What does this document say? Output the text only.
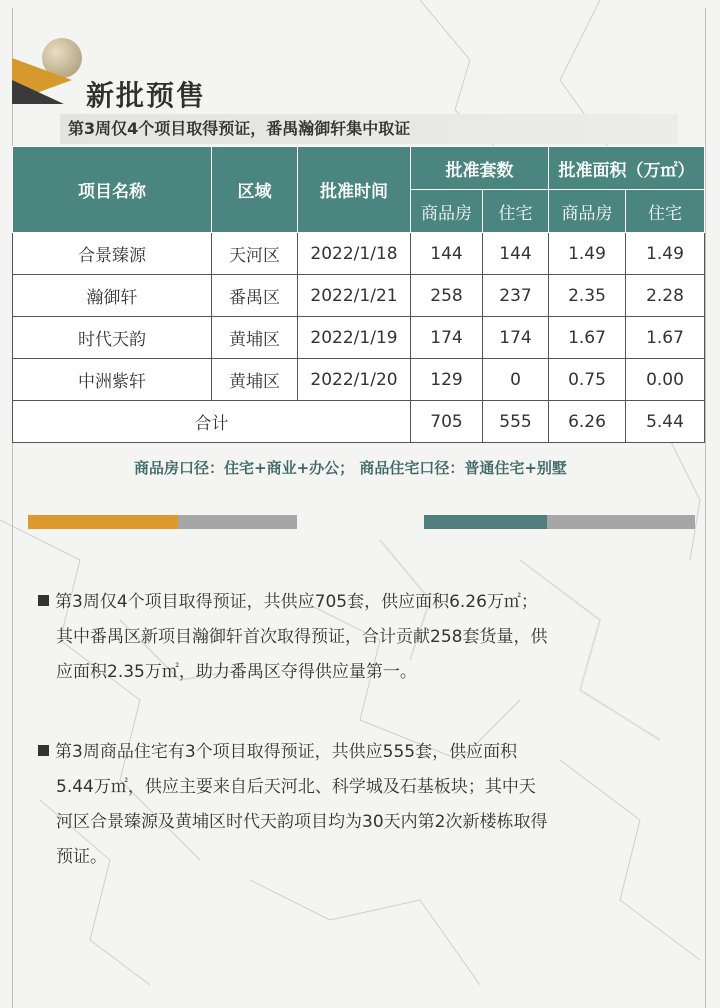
新批预售
第3周仅4个项目取得预证，番禺瀚御轩集中取证
项目名称	区域	批准时间	批准套数		批准面积（万㎡）	
			商品房	住宅	商品房	住宅
合景臻源	天河区	2022/1/18	144	144	1.49	1.49
瀚御轩	番禺区	2022/1/21	258	237	2.35	2.28
时代天韵	黄埔区	2022/1/19	174	174	1.67	1.67
中洲紫轩	黄埔区	2022/1/20	129	0	0.75	0.00
合计			705	555	6.26	5.44
商品房口径：住宅+商业+办公； 商品住宅口径：普通住宅+别墅
第3周仅4个项目取得预证，共供应705套，供应面积6.26万㎡；
其中番禺区新项目瀚御轩首次取得预证，合计贡献258套货量，供
应面积2.35万㎡，助力番禺区夺得供应量第一。
第3周商品住宅有3个项目取得预证，共供应555套，供应面积
5.44万㎡，供应主要来自后天河北、科学城及石基板块；其中天
河区合景臻源及黄埔区时代天韵项目均为30天内第2次新楼栋取得
预证。
